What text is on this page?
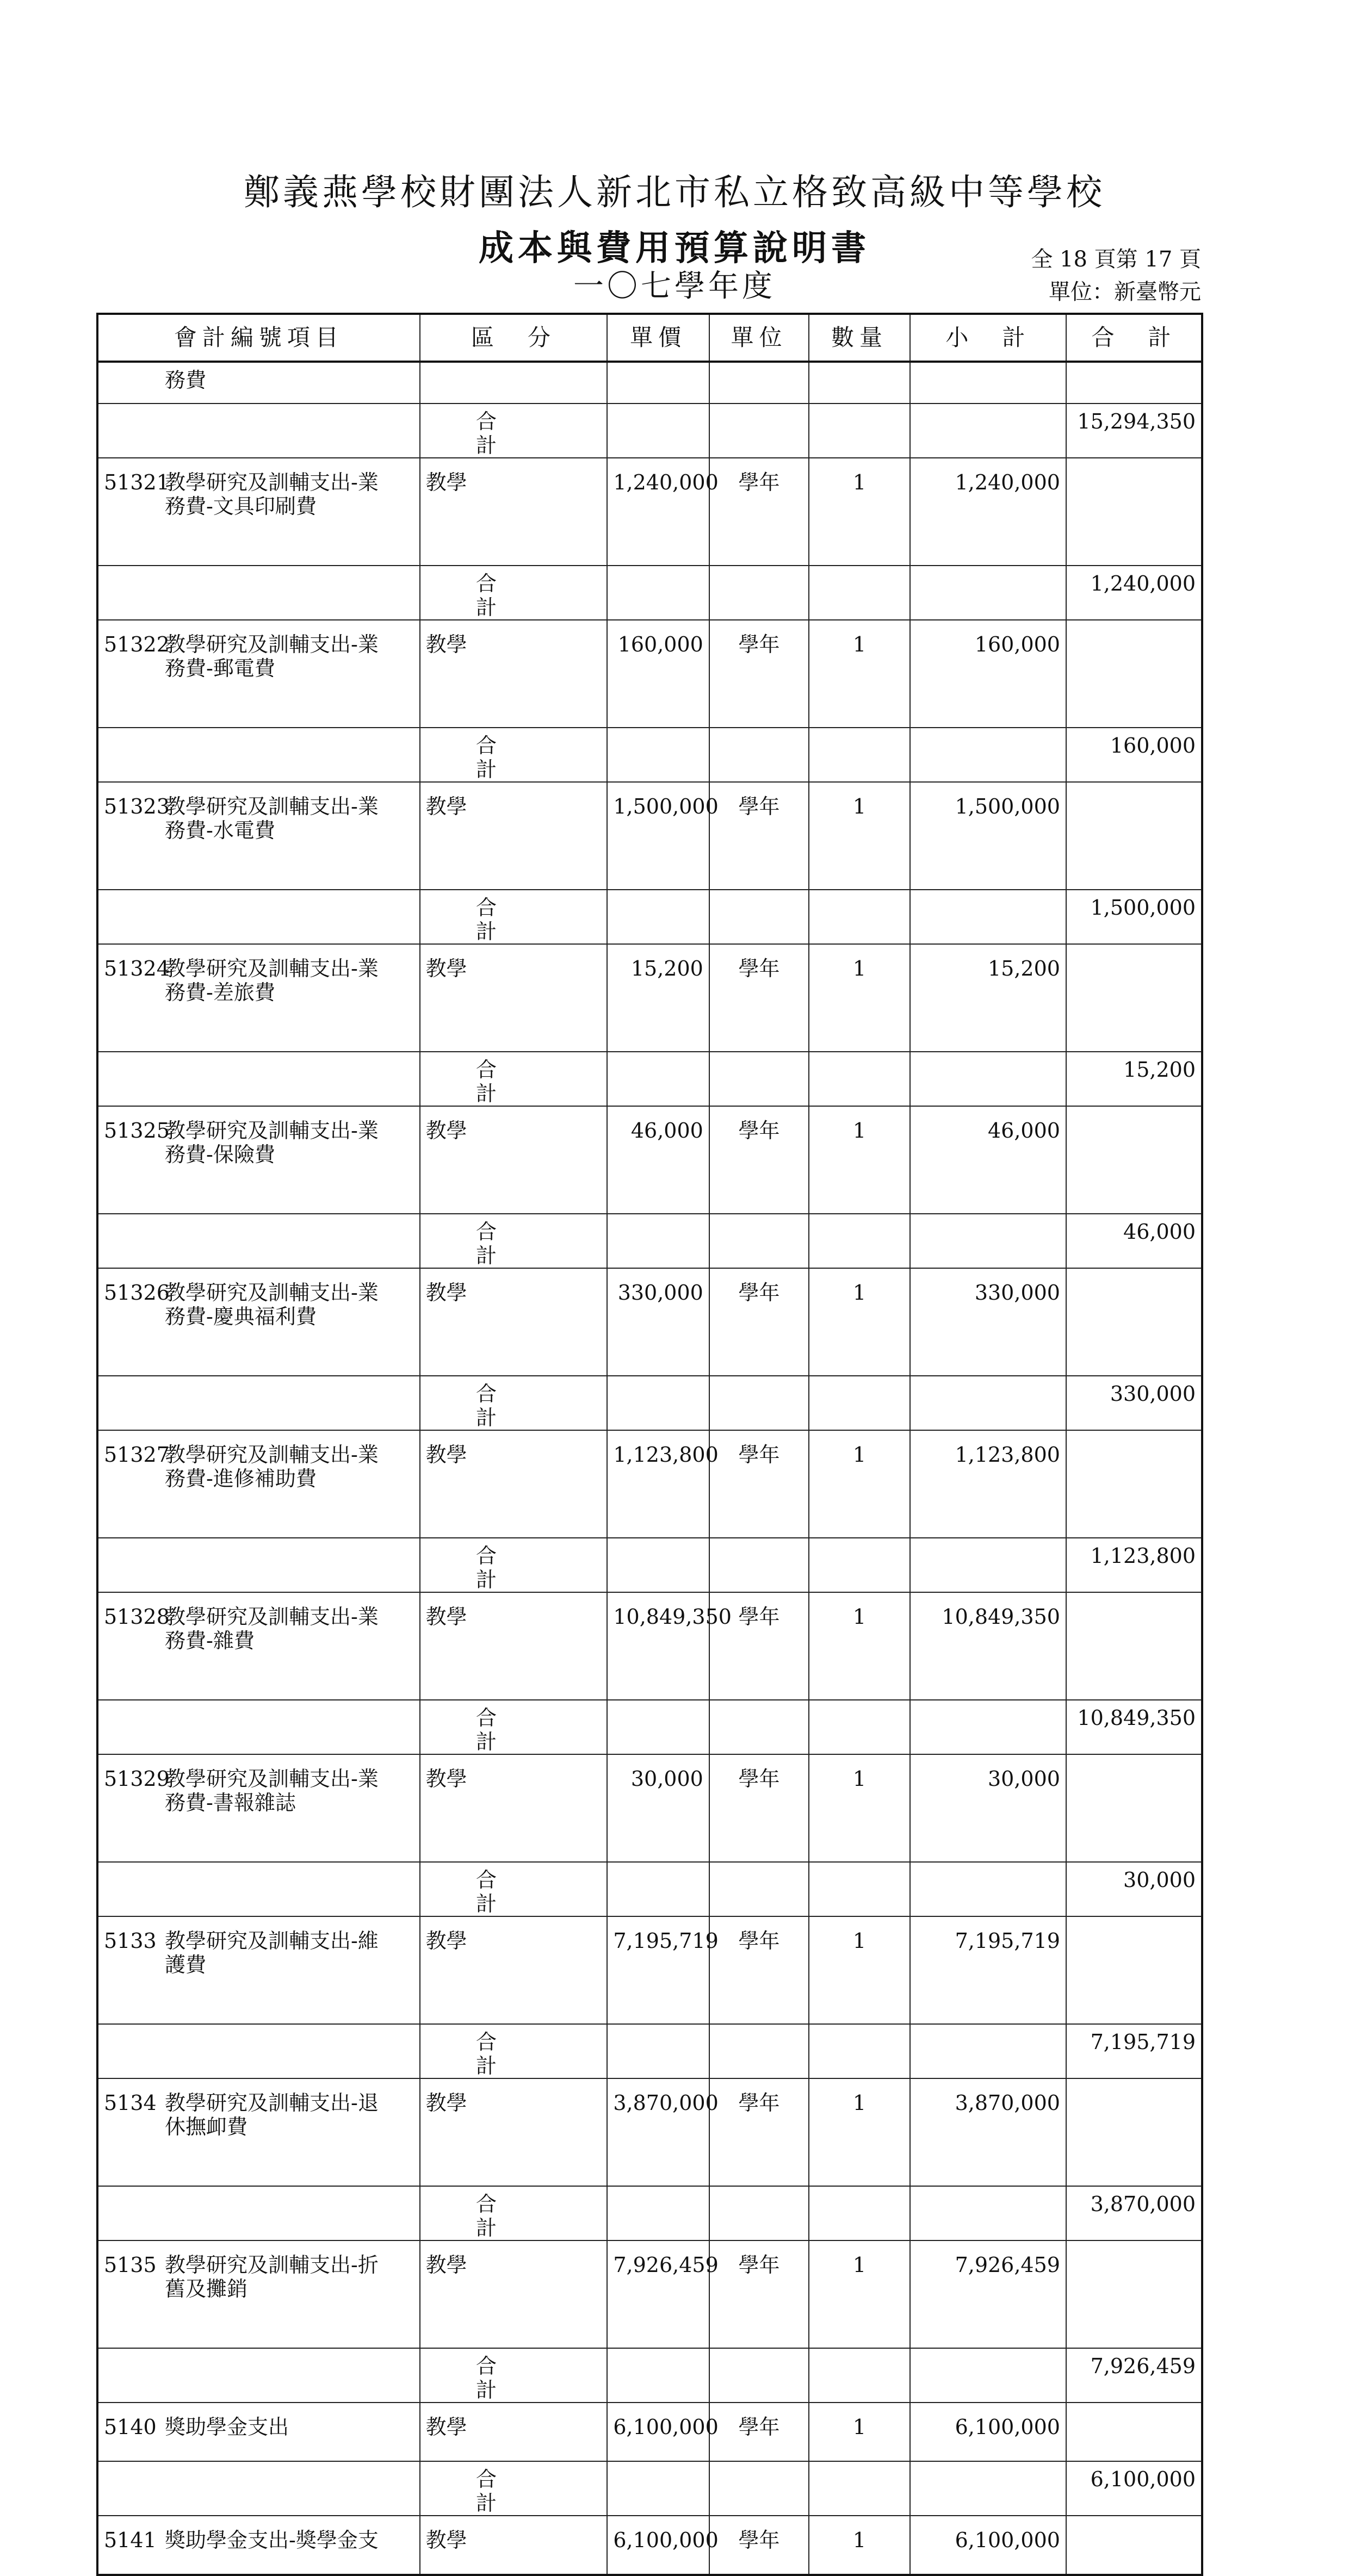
鄭義燕學校財團法人新北市私立格致高級中等學校
成本與費用預算說明書
一〇七學年度
全 18 頁第 17 頁
單位：新臺幣元
會計編號項目	區　分	單價	單位	數量	小　計	合　計
務費						
	合　計					15,294,350
51321教學研究及訓輔支出-業務費-文具印刷費	教學	1,240,000	學年	1	1,240,000	
	合　計					1,240,000
51322教學研究及訓輔支出-業務費-郵電費	教學	160,000	學年	1	160,000	
	合　計					160,000
51323教學研究及訓輔支出-業務費-水電費	教學	1,500,000	學年	1	1,500,000	
	合　計					1,500,000
51324教學研究及訓輔支出-業務費-差旅費	教學	15,200	學年	1	15,200	
	合　計					15,200
51325教學研究及訓輔支出-業務費-保險費	教學	46,000	學年	1	46,000	
	合　計					46,000
51326教學研究及訓輔支出-業務費-慶典福利費	教學	330,000	學年	1	330,000	
	合　計					330,000
51327教學研究及訓輔支出-業務費-進修補助費	教學	1,123,800	學年	1	1,123,800	
	合　計					1,123,800
51328教學研究及訓輔支出-業務費-雜費	教學	10,849,350	學年	1	10,849,350	
	合　計					10,849,350
51329教學研究及訓輔支出-業務費-書報雜誌	教學	30,000	學年	1	30,000	
	合　計					30,000
5133 教學研究及訓輔支出-維護費	教學	7,195,719	學年	1	7,195,719	
	合　計					7,195,719
5134 教學研究及訓輔支出-退休撫卹費	教學	3,870,000	學年	1	3,870,000	
	合　計					3,870,000
5135 教學研究及訓輔支出-折舊及攤銷	教學	7,926,459	學年	1	7,926,459	
	合　計					7,926,459
5140 獎助學金支出	教學	6,100,000	學年	1	6,100,000	
	合　計					6,100,000
5141 獎助學金支出-獎學金支	教學	6,100,000	學年	1	6,100,000	
